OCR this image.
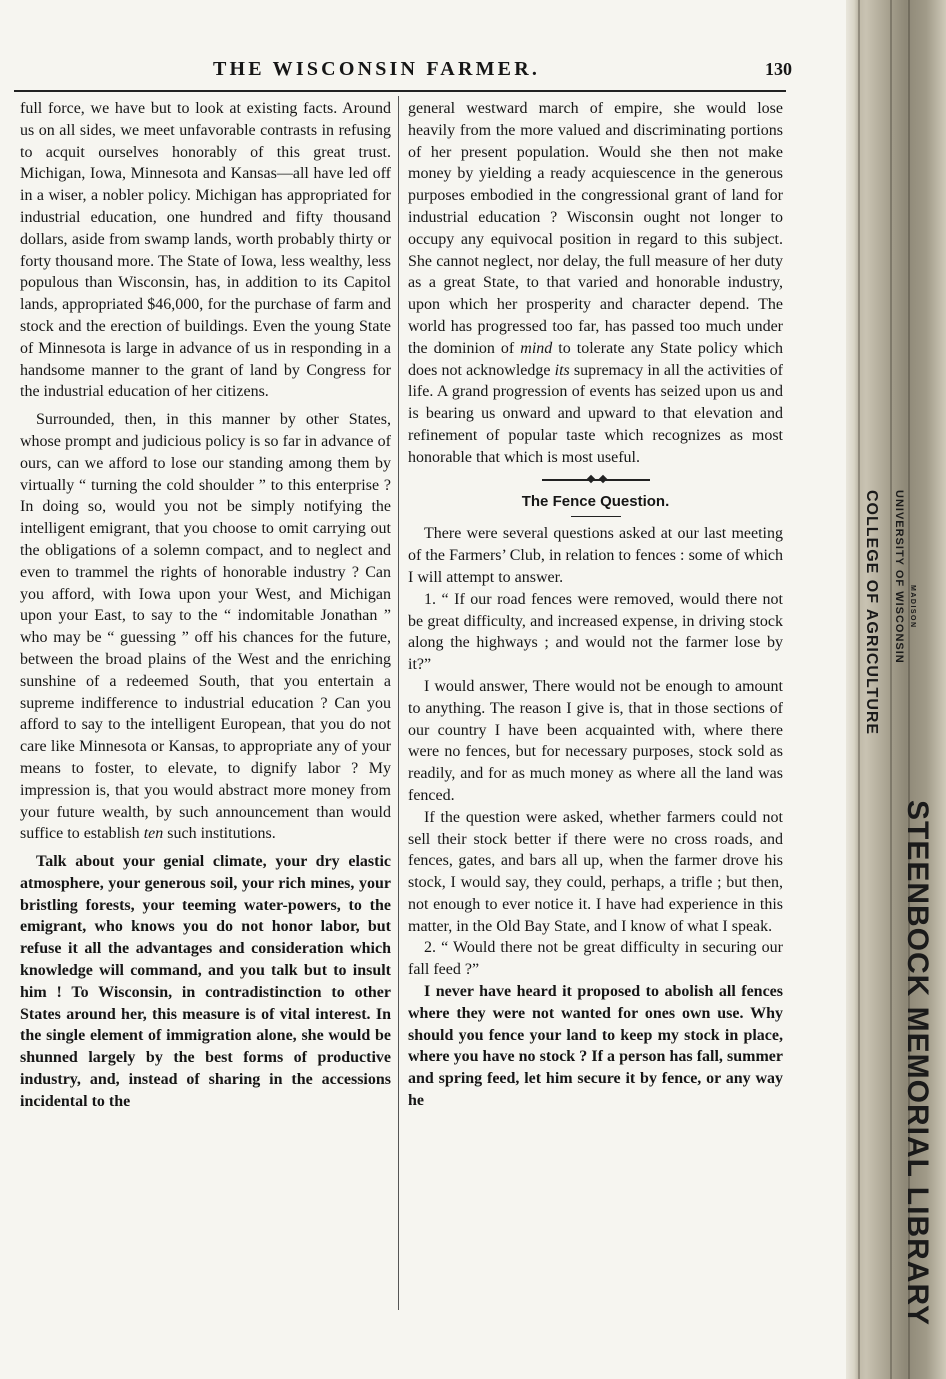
THE WISCONSIN FARMER.	130

full force, we have but to look at existing facts. Around us on all sides, we meet unfavorable contrasts in refusing to acquit ourselves honorably of this great trust. Michigan, Iowa, Minnesota and Kansas—all have led off in a wiser, a nobler policy. Michigan has appropriated for industrial education, one hundred and fifty thousand dollars, aside from swamp lands, worth probably thirty or forty thousand more. The State of Iowa, less wealthy, less populous than Wisconsin, has, in addition to its Capitol lands, appropriated $46,000, for the purchase of farm and stock and the erection of buildings. Even the young State of Minnesota is large in advance of us in responding in a handsome manner to the grant of land by Congress for the industrial education of her citizens.

Surrounded, then, in this manner by other States, whose prompt and judicious policy is so far in advance of ours, can we afford to lose our standing among them by virtually “ turning the cold shoulder ” to this enterprise ? In doing so, would you not be simply notifying the intelligent emigrant, that you choose to omit carrying out the obligations of a solemn compact, and to neglect and even to trammel the rights of honorable industry ? Can you afford, with Iowa upon your West, and Michigan upon your East, to say to the “ indomitable Jonathan ” who may be “ guessing ” off his chances for the future, between the broad plains of the West and the enriching sunshine of a redeemed South, that you entertain a supreme indifference to industrial education ? Can you afford to say to the intelligent European, that you do not care like Minnesota or Kansas, to appropriate any of your means to foster, to elevate, to dignify labor ? My impression is, that you would abstract more money from your future wealth, by such announcement than would suffice to establish ten such institutions.

Talk about your genial climate, your dry elastic atmosphere, your generous soil, your rich mines, your bristling forests, your teeming water-powers, to the emigrant, who knows you do not honor labor, but refuse it all the advantages and consideration which knowledge will command, and you talk but to insult him ! To Wisconsin, in contradistinction to other States around her, this measure is of vital interest. In the single element of immigration alone, she would be shunned largely by the best forms of productive industry, and, instead of sharing in the accessions incidental to the

general westward march of empire, she would lose heavily from the more valued and discriminating portions of her present population. Would she then not make money by yielding a ready acquiescence in the generous purposes embodied in the congressional grant of land for industrial education ? Wisconsin ought not longer to occupy any equivocal position in regard to this subject. She cannot neglect, nor delay, the full measure of her duty as a great State, to that varied and honorable industry, upon which her prosperity and character depend. The world has progressed too far, has passed too much under the dominion of mind to tolerate any State policy which does not acknowledge its supremacy in all the activities of life. A grand progression of events has seized upon us and is bearing us onward and upward to that elevation and refinement of popular taste which recognizes as most honorable that which is most useful.

The Fence Question.

There were several questions asked at our last meeting of the Farmers’ Club, in relation to fences : some of which I will attempt to answer.

1. “ If our road fences were removed, would there not be great difficulty, and increased expense, in driving stock along the highways ; and would not the farmer lose by it?”

I would answer, There would not be enough to amount to anything. The reason I give is, that in those sections of our country I have been acquainted with, where there were no fences, but for necessary purposes, stock sold as readily, and for as much money as where all the land was fenced.

If the question were asked, whether farmers could not sell their stock better if there were no cross roads, and fences, gates, and bars all up, when the farmer drove his stock, I would say, they could, perhaps, a trifle ; but then, not enough to ever notice it. I have had experience in this matter, in the Old Bay State, and I know of what I speak.

2. “ Would there not be great difficulty in securing our fall feed ?”

I never have heard it proposed to abolish all fences where they were not wanted for ones own use. Why should you fence your land to keep my stock in place, where you have no stock ? If a person has fall, summer and spring feed, let him secure it by fence, or any way he

COLLEGE OF AGRICULTURE UNIVERSITY OF WISCONSIN MADISON
STEENBOCK MEMORIAL LIBRARY
